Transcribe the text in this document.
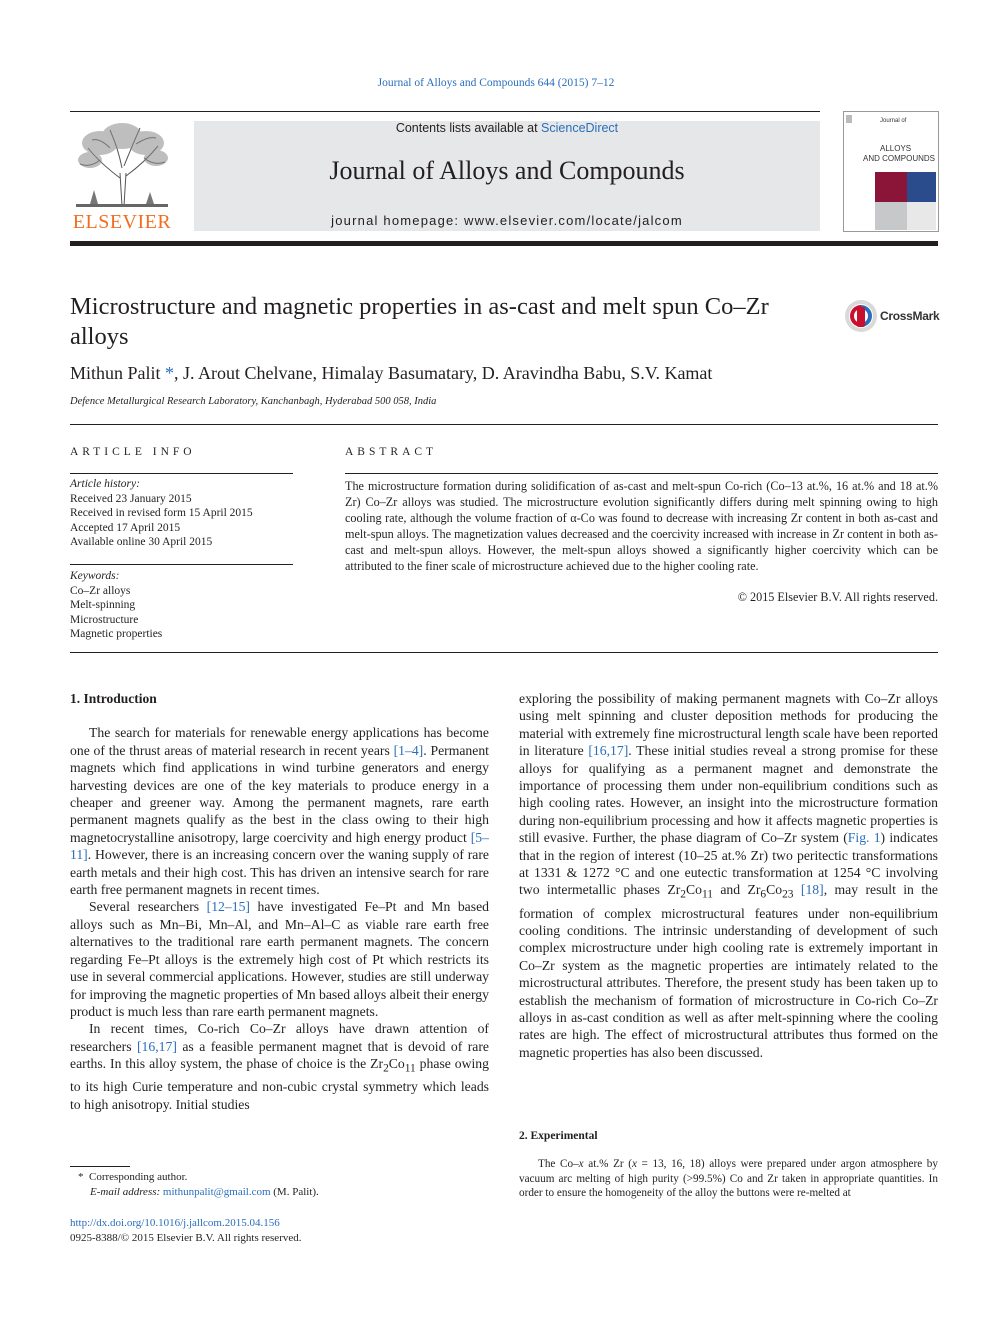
Journal of Alloys and Compounds 644 (2015) 7–12
ELSEVIER
Contents lists available at ScienceDirect
Journal of Alloys and Compounds
journal homepage: www.elsevier.com/locate/jalcom
Journal of
ALLOYS
AND COMPOUNDS
Microstructure and magnetic properties in as-cast and melt spun Co–Zr
alloys
CrossMark
Mithun Palit *, J. Arout Chelvane, Himalay Basumatary, D. Aravindha Babu, S.V. Kamat
Defence Metallurgical Research Laboratory, Kanchanbagh, Hyderabad 500 058, India
ARTICLE INFO
Article history:
Received 23 January 2015
Received in revised form 15 April 2015
Accepted 17 April 2015
Available online 30 April 2015
Keywords:
Co–Zr alloys
Melt-spinning
Microstructure
Magnetic properties
ABSTRACT
The microstructure formation during solidification of as-cast and melt-spun Co-rich (Co–13 at.%, 16 at.% and 18 at.% Zr) Co–Zr alloys was studied. The microstructure evolution significantly differs during melt spinning owing to high cooling rate, although the volume fraction of α-Co was found to decrease with increasing Zr content in both as-cast and melt-spun alloys. The magnetization values decreased and the coercivity increased with increase in Zr content in both as-cast and melt-spun alloys. However, the melt-spun alloys showed a significantly higher coercivity which can be attributed to the finer scale of microstructure achieved due to the higher cooling rate.
© 2015 Elsevier B.V. All rights reserved.

1. Introduction

The search for materials for renewable energy applications has become one of the thrust areas of material research in recent years [1–4]. Permanent magnets which find applications in wind turbine generators and energy harvesting devices are one of the key materials to produce energy in a cheaper and greener way. Among the permanent magnets, rare earth permanent magnets qualify as the best in the class owing to their high magnetocrystalline anisotropy, large coercivity and high energy product [5–11]. However, there is an increasing concern over the waning supply of rare earth metals and their high cost. This has driven an intensive search for rare earth free permanent magnets in recent times.

Several researchers [12–15] have investigated Fe–Pt and Mn based alloys such as Mn–Bi, Mn–Al, and Mn–Al–C as viable rare earth free alternatives to the traditional rare earth permanent magnets. The concern regarding Fe–Pt alloys is the extremely high cost of Pt which restricts its use in several commercial applications. However, studies are still underway for improving the magnetic properties of Mn based alloys albeit their energy product is much less than rare earth permanent magnets.

In recent times, Co-rich Co–Zr alloys have drawn attention of researchers [16,17] as a feasible permanent magnet that is devoid of rare earths. In this alloy system, the phase of choice is the $Zr_2Co_{11}$ phase owing to its high Curie temperature and non-cubic crystal symmetry which leads to high anisotropy. Initial studies

* Corresponding author.
E-mail address: mithunpalit@gmail.com (M. Palit).
http://dx.doi.org/10.1016/j.jallcom.2015.04.156
0925-8388/© 2015 Elsevier B.V. All rights reserved.

exploring the possibility of making permanent magnets with Co–Zr alloys using melt spinning and cluster deposition methods for producing the material with extremely fine microstructural length scale have been reported in literature [16,17]. These initial studies reveal a strong promise for these alloys for qualifying as a permanent magnet and demonstrate the importance of processing them under non-equilibrium conditions such as high cooling rates. However, an insight into the microstructure formation during non-equilibrium processing and how it affects magnetic properties is still evasive. Further, the phase diagram of Co–Zr system (Fig. 1) indicates that in the region of interest (10–25 at.% Zr) two peritectic transformations at 1331 & 1272 °C and one eutectic transformation at 1254 °C involving two intermetallic phases $Zr_2Co_{11}$ and $Zr_6Co_{23}$ [18], may result in the formation of complex microstructural features under non-equilibrium cooling conditions. The intrinsic understanding of development of such complex microstructure under high cooling rate is extremely important in Co–Zr system as the magnetic properties are intimately related to the microstructural attributes. Therefore, the present study has been taken up to establish the mechanism of formation of microstructure in Co-rich Co–Zr alloys in as-cast condition as well as after melt-spinning where the cooling rates are high. The effect of microstructural attributes thus formed on the magnetic properties has also been discussed.

2. Experimental
The Co–x at.% Zr (x = 13, 16, 18) alloys were prepared under argon atmosphere by vacuum arc melting of high purity (>99.5%) Co and Zr taken in appropriate quantities. In order to ensure the homogeneity of the alloy the buttons were re-melted at
